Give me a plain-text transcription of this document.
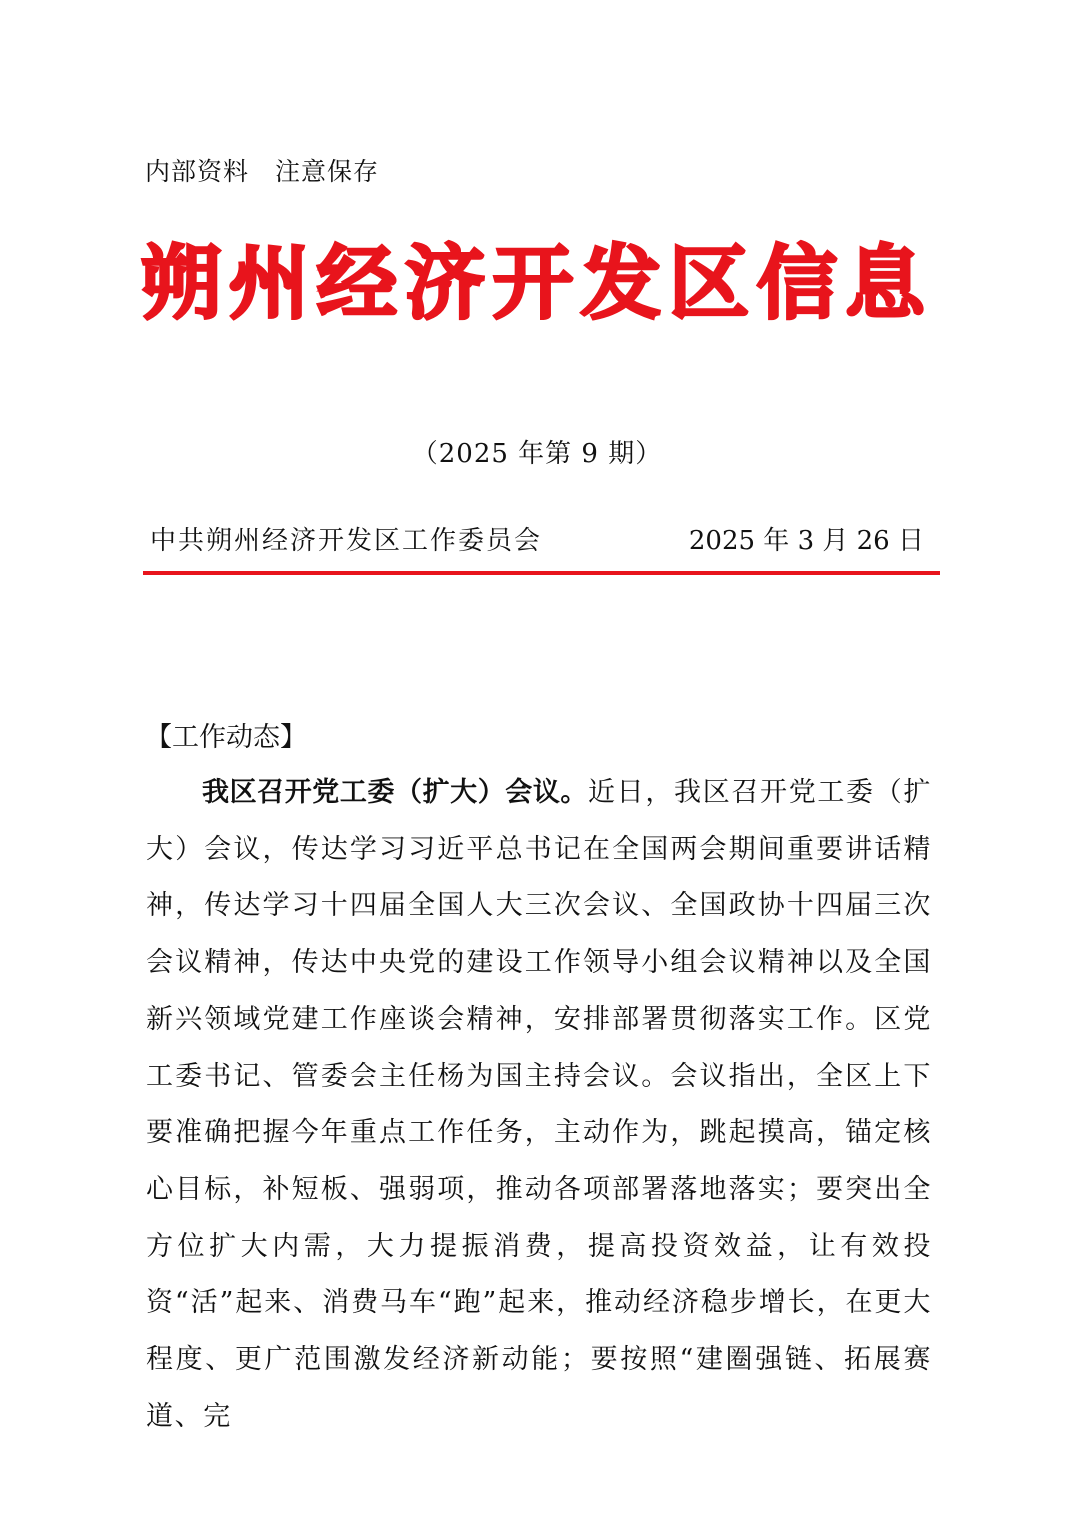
内部资料　注意保存
朔州经济开发区信息
（2025 年第 9 期）
中共朔州经济开发区工作委员会	2025 年 3 月 26 日
【工作动态】

我区召开党工委（扩大）会议。近日，我区召开党工委（扩大）会议，传达学习习近平总书记在全国两会期间重要讲话精神，传达学习十四届全国人大三次会议、全国政协十四届三次会议精神，传达中央党的建设工作领导小组会议精神以及全国新兴领域党建工作座谈会精神，安排部署贯彻落实工作。区党工委书记、管委会主任杨为国主持会议。会议指出，全区上下要准确把握今年重点工作任务，主动作为，跳起摸高，锚定核心目标，补短板、强弱项，推动各项部署落地落实；要突出全方位扩大内需，大力提振消费，提高投资效益，让有效投资“活”起来、消费马车“跑”起来，推动经济稳步增长，在更大程度、更广范围激发经济新动能；要按照“建圈强链、拓展赛道、完
